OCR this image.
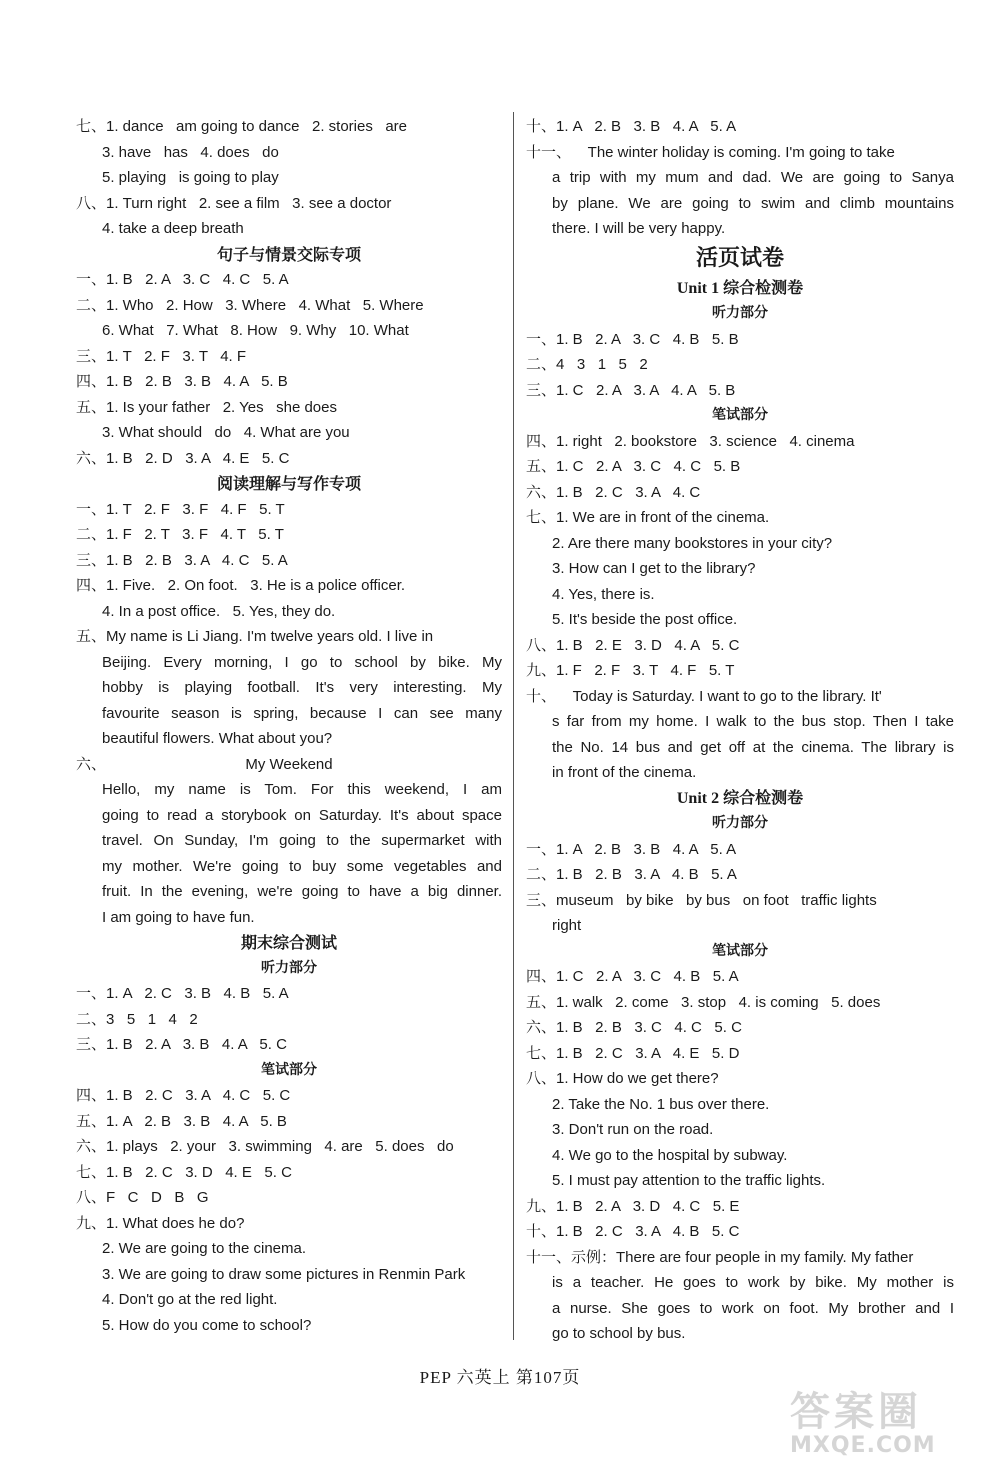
七、1. dance   am going to dance   2. stories   are
3. have   has   4. does   do
5. playing   is going to play
八、1. Turn right   2. see a film   3. see a doctor
4. take a deep breath
句子与情景交际专项
一、1. B   2. A   3. C   4. C   5. A
二、1. Who   2. How   3. Where   4. What   5. Where
6. What   7. What   8. How   9. Why   10. What
三、1. T   2. F   3. T   4. F
四、1. B   2. B   3. B   4. A   5. B
五、1. Is your father   2. Yes   she does
3. What should   do   4. What are you
六、1. B   2. D   3. A   4. E   5. C
阅读理解与写作专项
一、1. T   2. F   3. F   4. F   5. T
二、1. F   2. T   3. F   4. T   5. T
三、1. B   2. B   3. A   4. C   5. A
四、1. Five.   2. On foot.   3. He is a police officer.
4. In a post office.   5. Yes, they do.
五、My name is Li Jiang. I'm twelve years old. I live in
Beijing. Every morning, I go to school by bike. My
hobby is playing football. It's very interesting. My
favourite season is spring, because I can see many
beautiful flowers. What about you?
六、	My Weekend
Hello, my name is Tom. For this weekend, I am
going to read a storybook on Saturday. It's about space
travel. On Sunday, I'm going to the supermarket with
my mother. We're going to buy some vegetables and
fruit. In the evening, we're going to have a big dinner.
I am going to have fun.
期末综合测试
听力部分
一、1. A   2. C   3. B   4. B   5. A
二、3   5   1   4   2
三、1. B   2. A   3. B   4. A   5. C
笔试部分
四、1. B   2. C   3. A   4. C   5. C
五、1. A   2. B   3. B   4. A   5. B
六、1. plays   2. your   3. swimming   4. are   5. does   do
七、1. B   2. C   3. D   4. E   5. C
八、F   C   D   B   G
九、1. What does he do?
2. We are going to the cinema.
3. We are going to draw some pictures in Renmin Park
4. Don't go at the red light.
5. How do you come to school?
十、1. A   2. B   3. B   4. A   5. A
十一、    The winter holiday is coming. I'm going to take
a trip with my mum and dad. We are going to Sanya
by plane. We are going to swim and climb mountains
there. I will be very happy.
活页试卷
Unit 1 综合检测卷
听力部分
一、1. B   2. A   3. C   4. B   5. B
二、4   3   1   5   2
三、1. C   2. A   3. A   4. A   5. B
笔试部分
四、1. right   2. bookstore   3. science   4. cinema
五、1. C   2. A   3. C   4. C   5. B
六、1. B   2. C   3. A   4. C
七、1. We are in front of the cinema.
2. Are there many bookstores in your city?
3. How can I get to the library?
4. Yes, there is.
5. It's beside the post office.
八、1. B   2. E   3. D   4. A   5. C
九、1. F   2. F   3. T   4. F   5. T
十、    Today is Saturday. I want to go to the library. It'
s far from my home. I walk to the bus stop. Then I take
the No. 14 bus and get off at the cinema. The library is
in front of the cinema.
Unit 2 综合检测卷
听力部分
一、1. A   2. B   3. B   4. A   5. A
二、1. B   2. B   3. A   4. B   5. A
三、museum   by bike   by bus   on foot   traffic lights
right
笔试部分
四、1. C   2. A   3. C   4. B   5. A
五、1. walk   2. come   3. stop   4. is coming   5. does
六、1. B   2. B   3. C   4. C   5. C
七、1. B   2. C   3. A   4. E   5. D
八、1. How do we get there?
2. Take the No. 1 bus over there.
3. Don't run on the road.
4. We go to the hospital by subway.
5. I must pay attention to the traffic lights.
九、1. B   2. A   3. D   4. C   5. E
十、1. B   2. C   3. A   4. B   5. C
十一、示例：There are four people in my family. My father
is a teacher. He goes to work by bike. My mother is
a nurse. She goes to work on foot. My brother and I
go to school by bus.
PEP 六英上 第107页
答案圈
MXQE.COM
